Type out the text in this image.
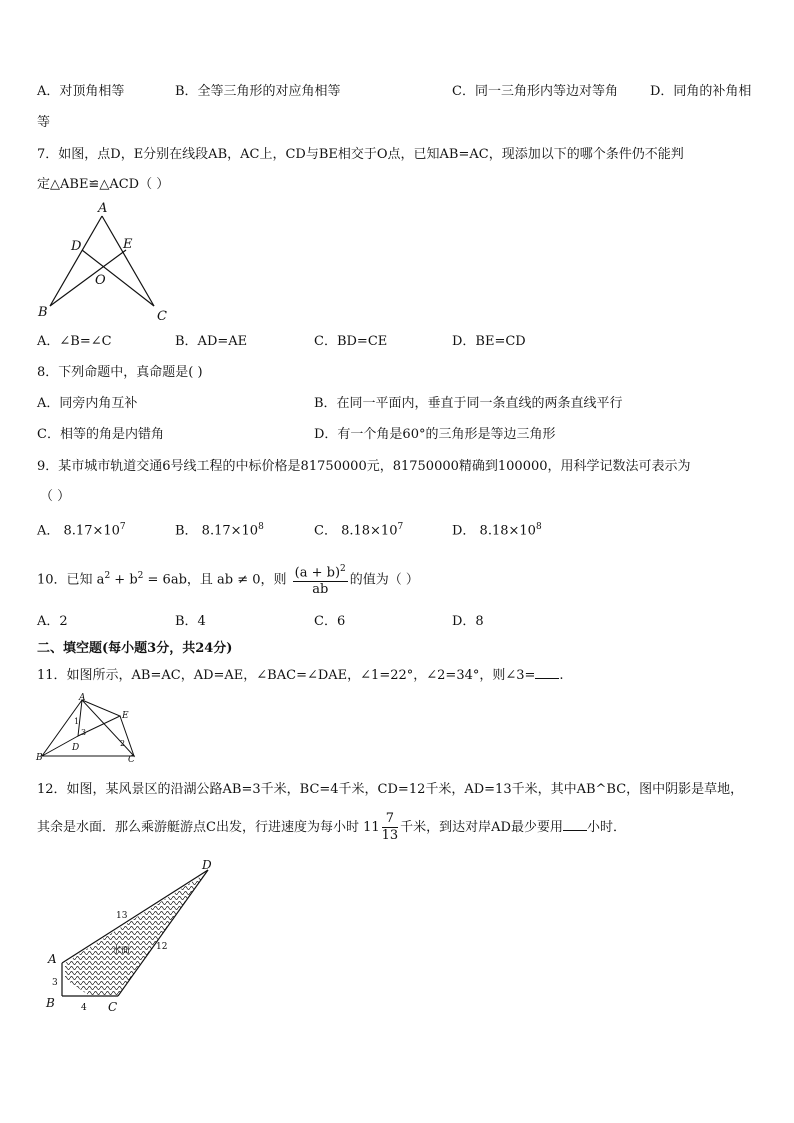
A．对顶角相等	B．全等三角形的对应角相等	C．同一三角形内等边对等角 D．同角的补角相
等
7．如图，点D，E分别在线段AB，AC上，CD与BE相交于O点，已知AB=AC，现添加以下的哪个条件仍不能判
定△ABE≌△ACD（ ）
A
B	C
D	E
O
A．∠B=∠C	B．AD=AE	C．BD=CE	D．BE=CD
8．下列命题中，真命题是( )
A．同旁内角互补	B．在同一平面内，垂直于同一条直线的两条直线平行
C．相等的角是内错角	D．有一个角是60°的三角形是等边三角形
9．某市城市轨道交通6号线工程的中标价格是81750000元，81750000精确到100000，用科学记数法可表示为
（ ）
A． $8.17\times 10^7$	B． $8.17\times 10^8$	C． $8.18\times 10^7$	D． $8.18\times 10^8$
10．已知 $a^2 + b^2 = 6ab$，且 ab ≠ 0，则 $\frac{(a + b)^2}{ab}$ 的值为（ ）
A．2	B．4	C．6	D．8
二、填空题(每小题3分，共24分)
11．如图所示，AB=AC，AD=AE，∠BAC=∠DAE，∠1=22°，∠2=34°，则∠3= .
A
E
B
D
C
1
3
2
12．如图，某风景区的沿湖公路AB=3千米，BC=4千米，CD=12千米，AD=13千米，其中AB^BC，图中阴影是草地，
其余是水面．那么乘游艇游点C出发，行进速度为每小时 $11 \frac{7}{13}$ 千米，到达对岸AD最少要用 小时．
A
B	C
D
13
12
3
4
水面
